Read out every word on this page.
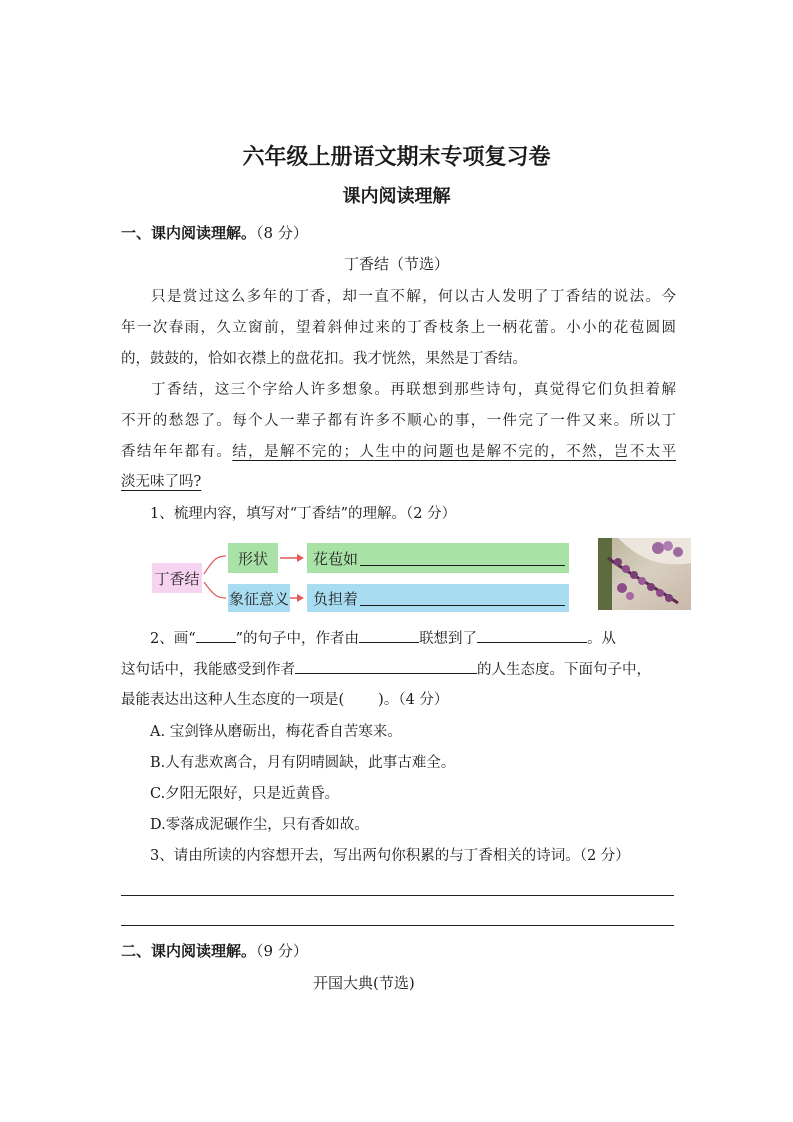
六年级上册语文期末专项复习卷
课内阅读理解
一、课内阅读理解。（8 分）
丁香结（节选）
只是赏过这么多年的丁香，却一直不解，何以古人发明了丁香结的说法。今
年一次春雨，久立窗前，望着斜伸过来的丁香枝条上一柄花蕾。小小的花苞圆圆
的，鼓鼓的，恰如衣襟上的盘花扣。我才恍然，果然是丁香结。
丁香结，这三个字给人许多想象。再联想到那些诗句，真觉得它们负担着解
不开的愁怨了。每个人一辈子都有许多不顺心的事，一件完了一件又来。所以丁
香结年年都有。结，是解不完的；人生中的问题也是解不完的，不然，岂不太平
淡无味了吗?
1、梳理内容，填写对“丁香结”的理解。（2 分）
丁香结
形状
象征意义
花苞如
负担着
2、画“	”的句子中，作者由	联想到了	。从
这句话中，我能感受到作者	的人生态度。下面句子中，
最能表达出这种人生态度的一项是( )。（4 分）
A. 宝剑锋从磨砺出，梅花香自苦寒来。
B.人有悲欢离合，月有阴晴圆缺，此事古难全。
C.夕阳无限好，只是近黄昏。
D.零落成泥碾作尘，只有香如故。
3、请由所读的内容想开去，写出两句你积累的与丁香相关的诗词。（2 分）
二、课内阅读理解。（9 分）
开国大典(节选)
